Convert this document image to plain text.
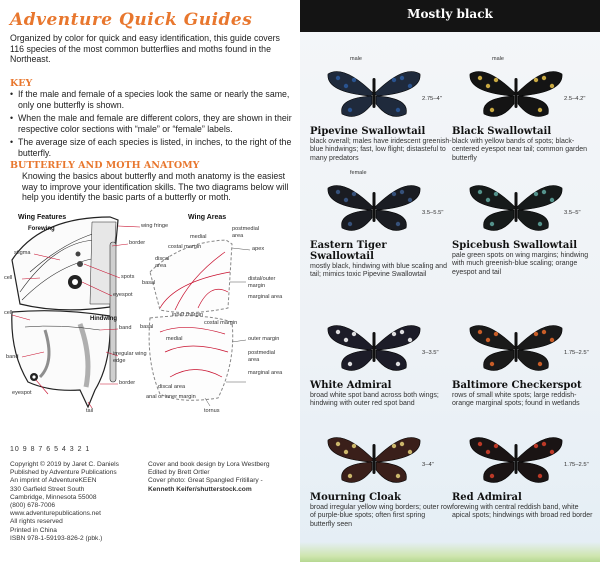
Adventure Quick Guides
Organized by color for quick and easy identification, this guide covers 116 species of the most common butterflies and moths found in the Northeast.
KEY
• If the male and female of a species look the same or nearly the same, only one butterfly is shown.
• When the male and female are different colors, they are shown in their respective color sections with “male” or “female” labels.
• The average size of each species is listed, in inches, to the right of the butterfly.
BUTTERFLY AND MOTH ANATOMY
Knowing the basics about butterfly and moth anatomy is the easiest way to improve your identification skills. The two diagrams below will help you identify the basic parts of a butterfly or moth.
Wing Features	Wing Areas
Forewing
Hindwing
wing fringe
border
stigma
cell	spots
eyespot
cell
band
irregular wing edge
band
border
eyespot
tail
postmedial area
medial
costal margin	apex
discal area
basal
distal/outer margin
marginal area
inner margin
basal
costal margin
medial	outer margin
postmedial area
marginal area
discal area
anal or inner margin
tornus
10 9 8 7 6 5 4 3 2 1
Copyright © 2019 by Jaret C. Daniels
Published by Adventure Publications
An imprint of AdventureKEEN
330 Garfield Street South
Cambridge, Minnesota 55008
(800) 678-7006
www.adventurepublications.net
All rights reserved
Printed in China
ISBN 978-1-59193-826-2 (pbk.)
Cover and book design by Lora Westberg
Edited by Brett Ortler
Cover photo: Great Spangled Fritillary -
Kenneth Keifer/shutterstock.com
Mostly black
male
2.75–4"
Pipevine Swallowtail
black overall; males have iridescent greenish-blue hindwings; fast, low flight; distasteful to many predators
male
2.5–4.2"
Black Swallowtail
black with yellow bands of spots; black-centered eyespot near tail; common garden butterfly
female
3.5–5.5"
Eastern Tiger Swallowtail
mostly black, hindwing with blue scaling and tail; mimics toxic Pipevine Swallowtail
3.5–5"
Spicebush Swallowtail
pale green spots on wing margins; hindwing with much greenish-blue scaling; orange eyespot and tail
3–3.5"
White Admiral
broad white spot band across both wings; hindwing with outer red spot band
1.75–2.5"
Baltimore Checkerspot
rows of small white spots; large reddish-orange marginal spots; found in wetlands
3–4"
Mourning Cloak
broad irregular yellow wing borders; outer row of purple-blue spots; often first spring butterfly seen
1.75–2.5"
Red Admiral
forewing with central reddish band, white apical spots; hindwings with broad red border
